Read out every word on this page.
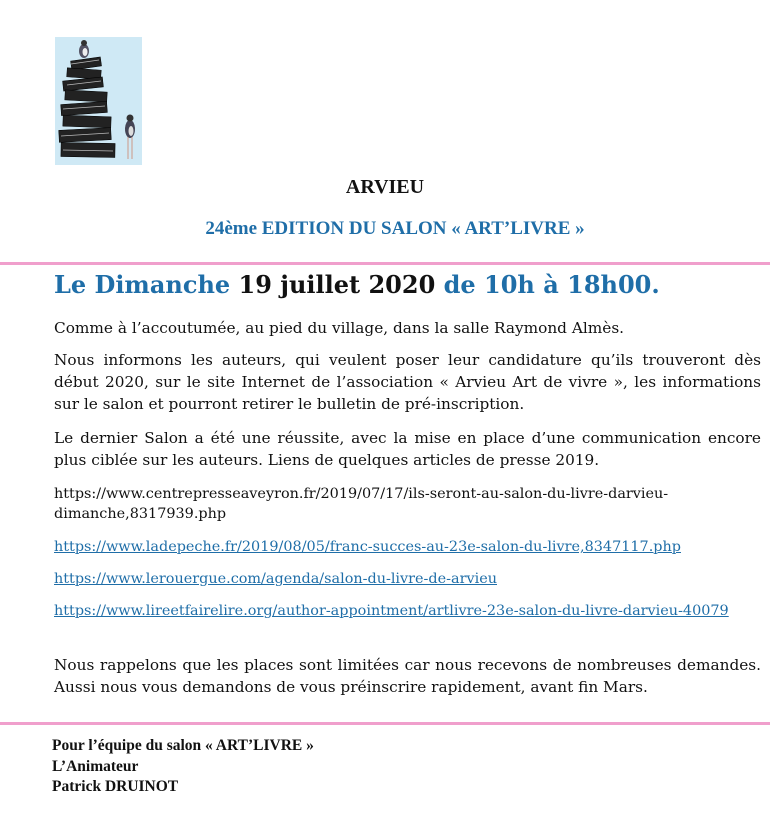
ARVIEU
24ème EDITION DU SALON « ART’LIVRE »
Le Dimanche 19 juillet 2020 de 10h à 18h00.
Comme à l’accoutumée, au pied du village, dans la salle Raymond Almès.
Nous informons les auteurs, qui veulent poser leur candidature qu’ils trouveront dès début 2020, sur le site Internet de l’association « Arvieu Art de vivre », les informations sur le salon et pourront retirer le bulletin de pré-inscription.
Le dernier Salon a été une réussite, avec la mise en place d’une communication encore plus ciblée sur les auteurs. Liens de quelques articles de presse 2019.
https://www.centrepresseaveyron.fr/2019/07/17/ils-seront-au-salon-du-livre-darvieu-dimanche,8317939.php
https://www.ladepeche.fr/2019/08/05/franc-succes-au-23e-salon-du-livre,8347117.php
https://www.lerouergue.com/agenda/salon-du-livre-de-arvieu
https://www.lireetfairelire.org/author-appointment/artlivre-23e-salon-du-livre-darvieu-40079
Nous rappelons que les places sont limitées car nous recevons de nombreuses demandes. Aussi nous vous demandons de vous préinscrire rapidement, avant fin Mars.
Pour l’équipe du salon « ART’LIVRE »
L’Animateur
Patrick DRUINOT
